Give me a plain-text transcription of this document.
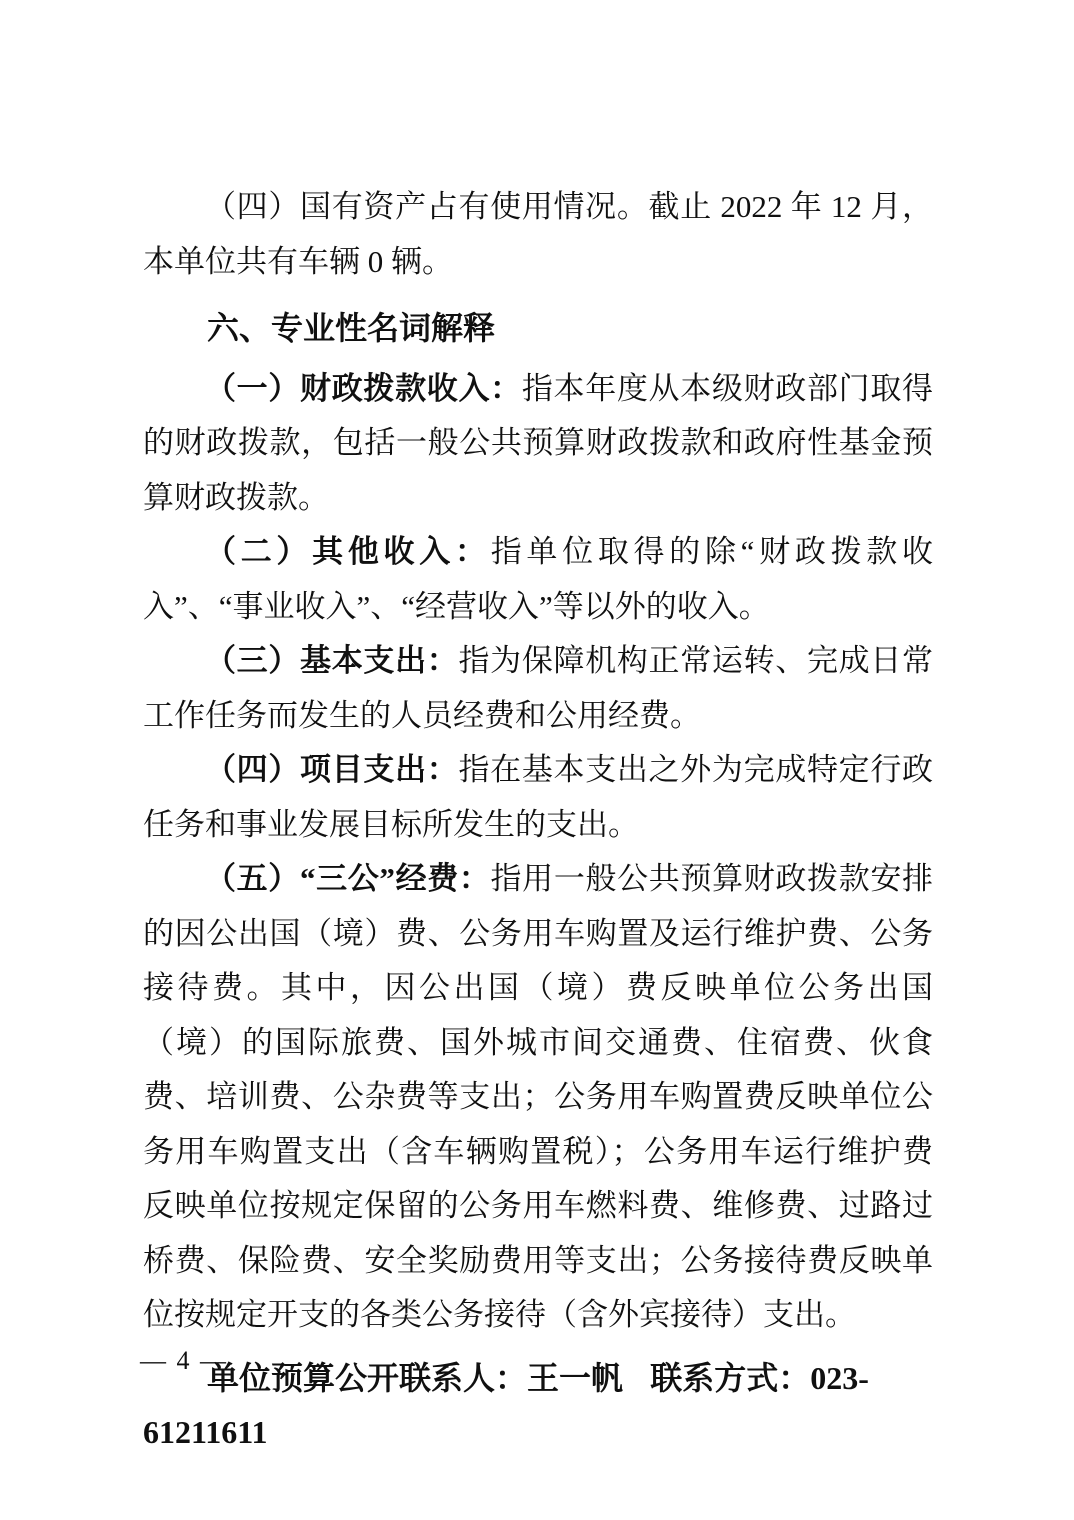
（四）国有资产占有使用情况。截止 2022 年 12 月，本单位共有车辆 0 辆。

六、专业性名词解释

（一）财政拨款收入：指本年度从本级财政部门取得的财政拨款，包括一般公共预算财政拨款和政府性基金预算财政拨款。

（二）其他收入：指单位取得的除“财政拨款收入”、“事业收入”、“经营收入”等以外的收入。

（三）基本支出：指为保障机构正常运转、完成日常工作任务而发生的人员经费和公用经费。

（四）项目支出：指在基本支出之外为完成特定行政任务和事业发展目标所发生的支出。

（五）“三公”经费：指用一般公共预算财政拨款安排的因公出国（境）费、公务用车购置及运行维护费、公务接待费。其中，因公出国（境）费反映单位公务出国（境）的国际旅费、国外城市间交通费、住宿费、伙食费、培训费、公杂费等支出；公务用车购置费反映单位公务用车购置支出（含车辆购置税）；公务用车运行维护费反映单位按规定保留的公务用车燃料费、维修费、过路过桥费、保险费、安全奖励费用等支出；公务接待费反映单位按规定开支的各类公务接待（含外宾接待）支出。

单位预算公开联系人：王一帆 联系方式：023-61211611

— 4 —
